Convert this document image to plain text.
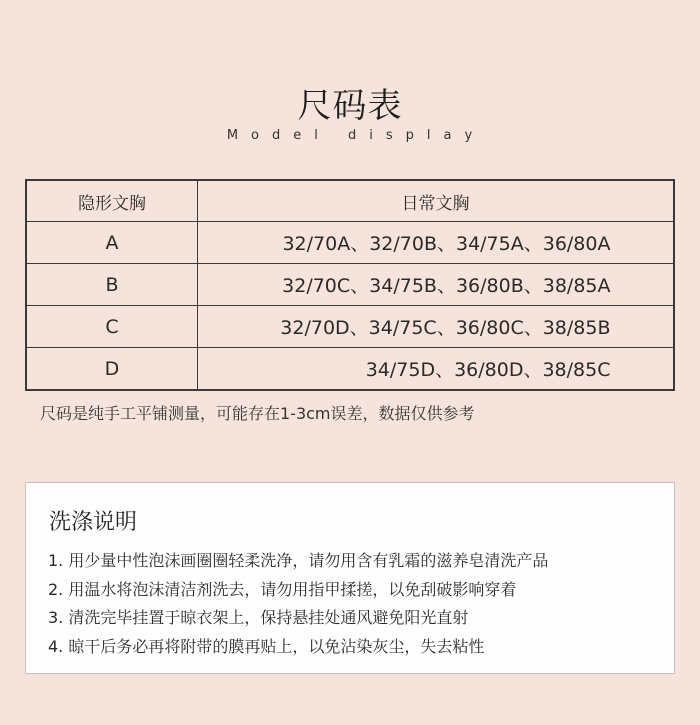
尺码表
Model display
隐形文胸	日常文胸
A	32/70A、32/70B、34/75A、36/80A
B	32/70C、34/75B、36/80B、38/85A
C	32/70D、34/75C、36/80C、38/85B
D	34/75D、36/80D、38/85C
尺码是纯手工平铺测量，可能存在1-3cm误差，数据仅供参考
洗涤说明
1. 用少量中性泡沫画圈圈轻柔洗净，请勿用含有乳霜的滋养皂清洗产品
2. 用温水将泡沫清洁剂洗去，请勿用指甲揉搓，以免刮破影响穿着
3. 清洗完毕挂置于晾衣架上，保持悬挂处通风避免阳光直射
4. 晾干后务必再将附带的膜再贴上，以免沾染灰尘，失去粘性
